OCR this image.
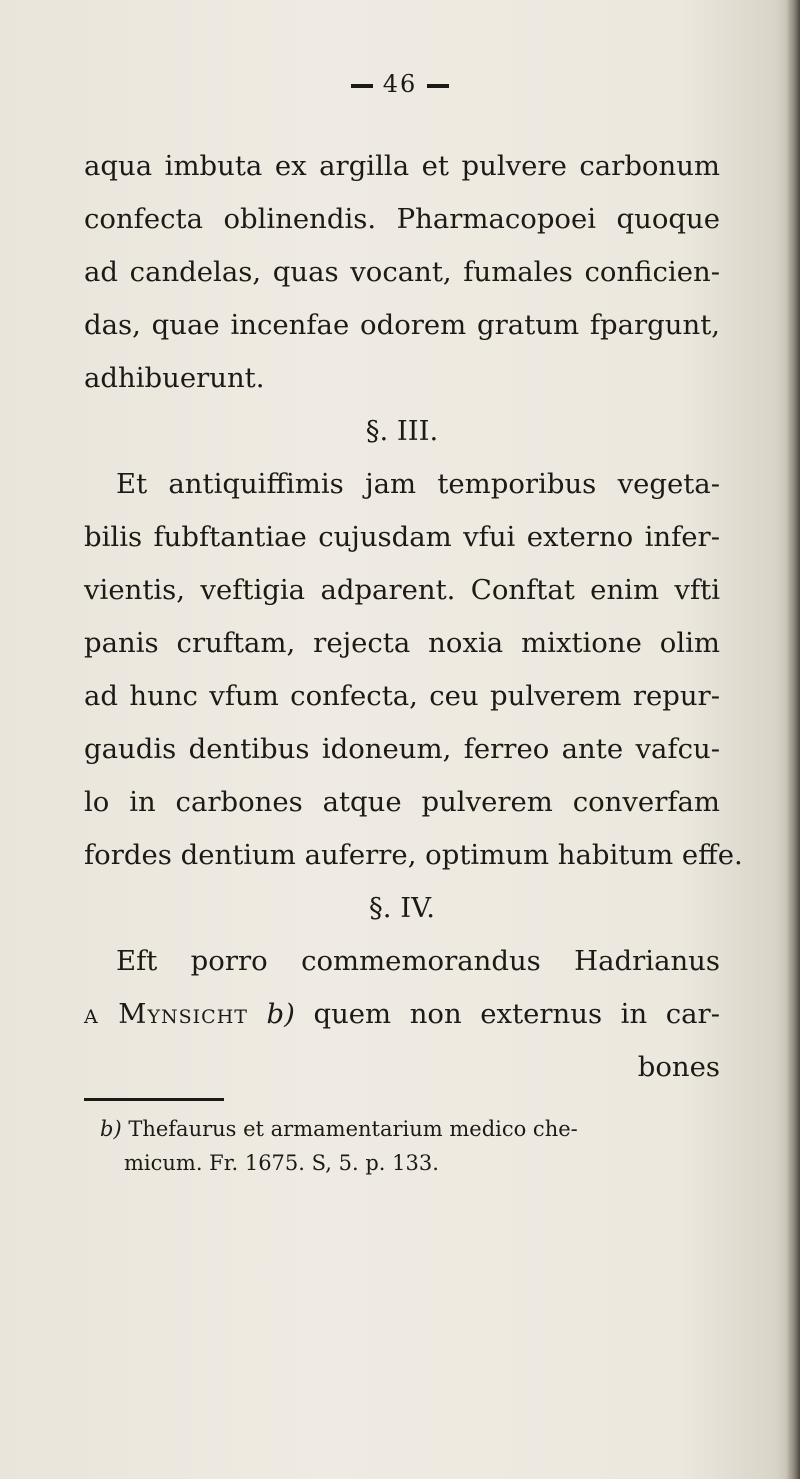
46
aqua imbuta ex argilla et pulvere carbonum
confecta oblinendis. Pharmacopoei quoque
ad candelas, quas vocant, fumales conficien-
das, quae incenfae odorem gratum fpargunt,
adhibuerunt.
§. III.
Et antiquiffimis jam temporibus vegeta-
bilis fubftantiae cujusdam vfui externo infer-
vientis, veftigia adparent. Conftat enim vfti
panis cruftam, rejecta noxia mixtione olim
ad hunc vfum confecta, ceu pulverem repur-
gaudis dentibus idoneum, ferreo ante vafcu-
lo in carbones atque pulverem converfam
fordes dentium auferre, optimum habitum effe.
§. IV.
Eft porro commemorandus Hadrianus
a Mynsicht b) quem non externus in car-
bones
b) Thefaurus et armamentarium medico che-
micum. Fr. 1675. S, 5. p. 133.
